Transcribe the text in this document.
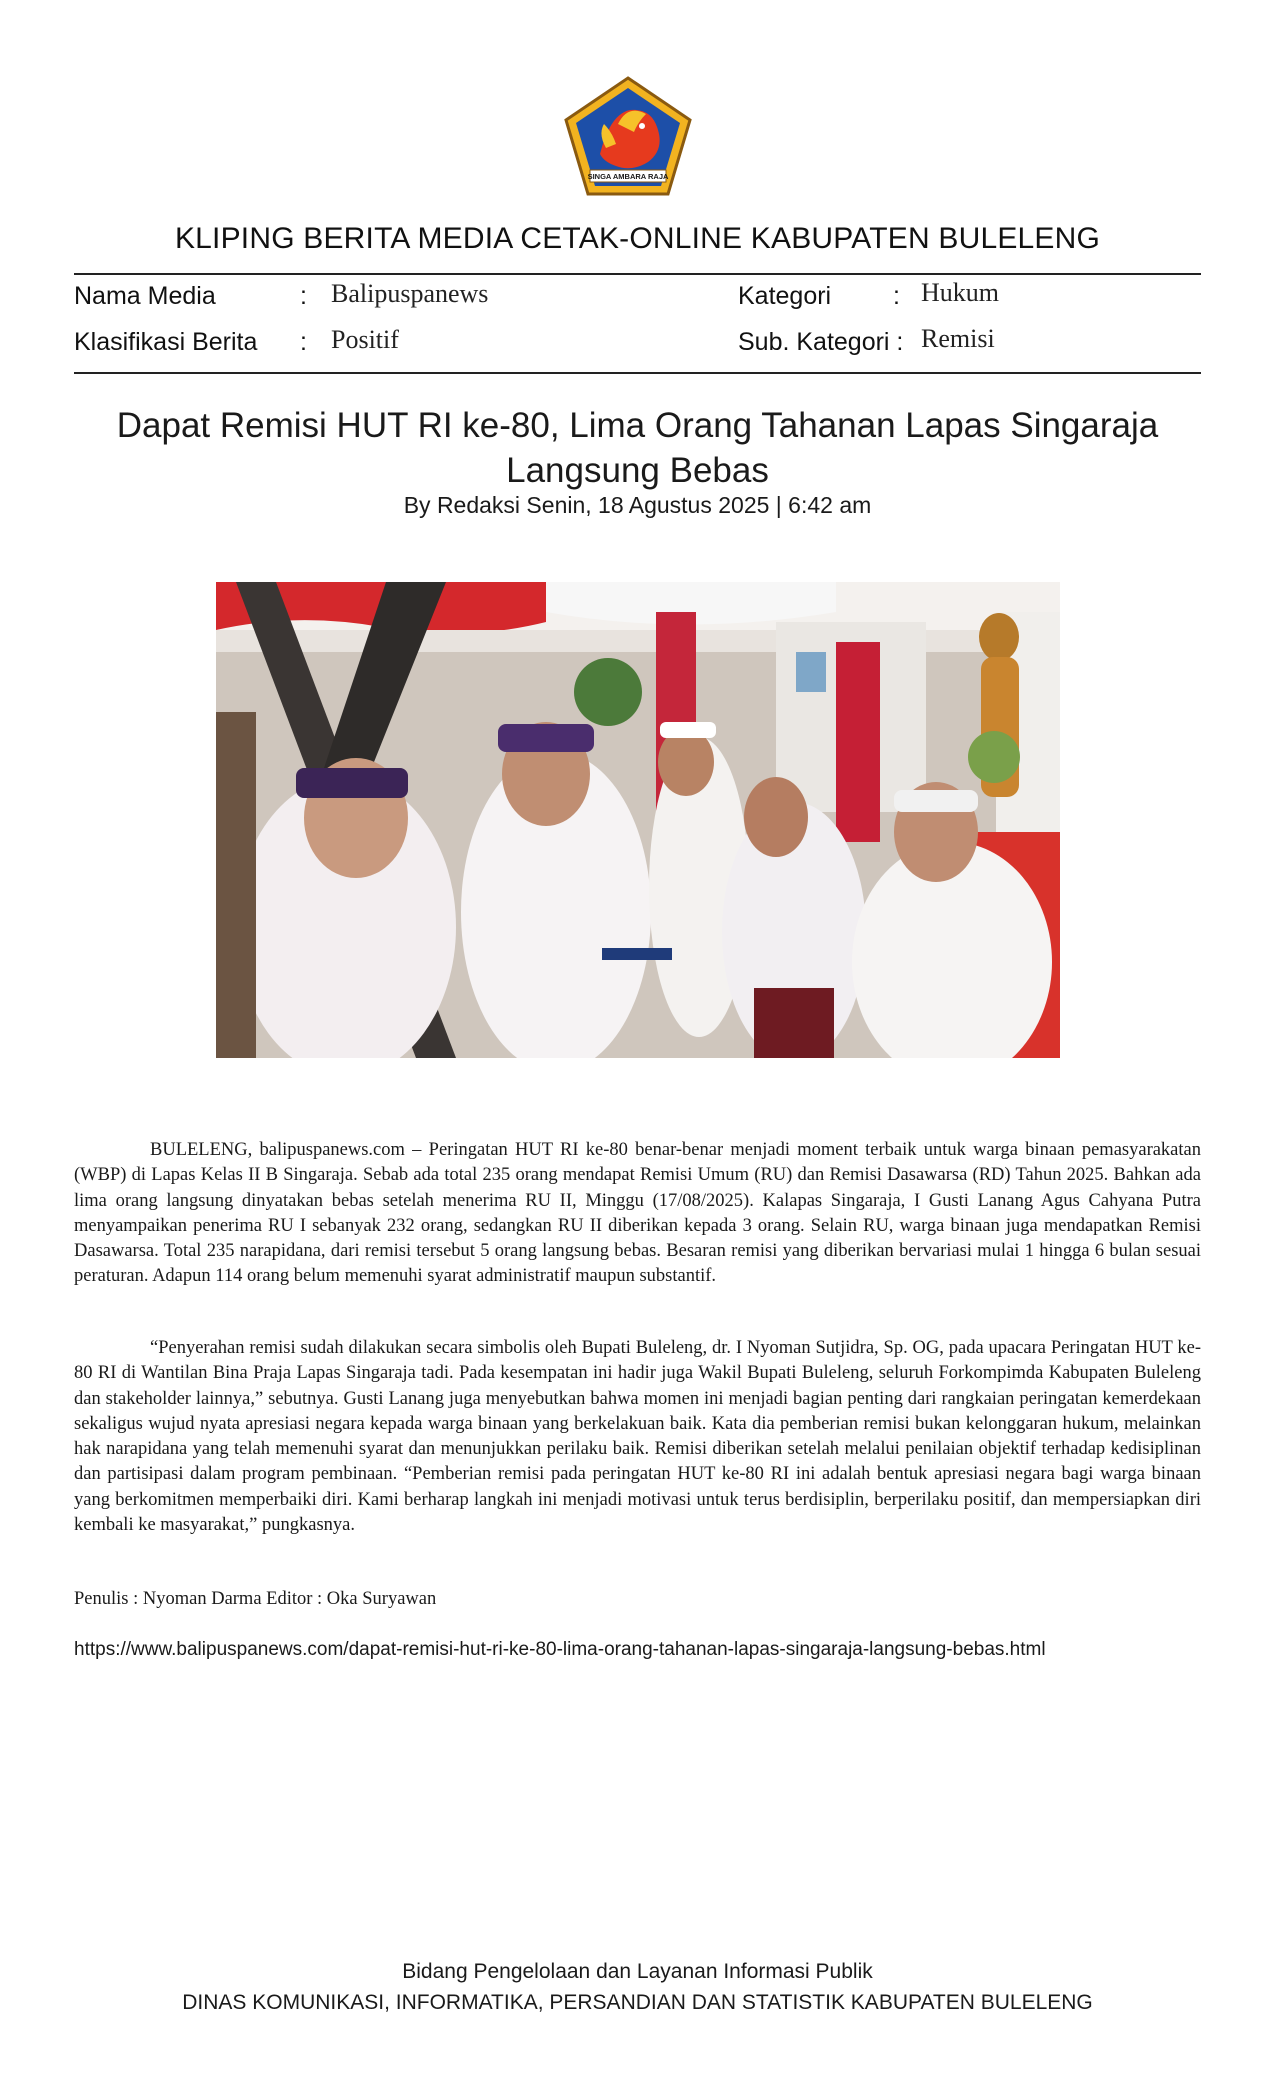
SINGA AMBARA RAJA
KLIPING BERITA MEDIA CETAK-ONLINE KABUPATEN BULELENG
Nama Media	: Balipuspanews	Kategori : Hukum
Klasifikasi Berita : Positif	Sub. Kategori : Remisi
Dapat Remisi HUT RI ke-80, Lima Orang Tahanan Lapas Singaraja
Langsung Bebas
By Redaksi Senin, 18 Agustus 2025 | 6:42 am

BULELENG, balipuspanews.com – Peringatan HUT RI ke-80 benar-benar menjadi moment terbaik untuk warga binaan pemasyarakatan (WBP) di Lapas Kelas II B Singaraja. Sebab ada total 235 orang mendapat Remisi Umum (RU) dan Remisi Dasawarsa (RD) Tahun 2025. Bahkan ada lima orang langsung dinyatakan bebas setelah menerima RU II, Minggu (17/08/2025). Kalapas Singaraja, I Gusti Lanang Agus Cahyana Putra menyampaikan penerima RU I sebanyak 232 orang, sedangkan RU II diberikan kepada 3 orang. Selain RU, warga binaan juga mendapatkan Remisi Dasawarsa. Total 235 narapidana, dari remisi tersebut 5 orang langsung bebas. Besaran remisi yang diberikan bervariasi mulai 1 hingga 6 bulan sesuai peraturan. Adapun 114 orang belum memenuhi syarat administratif maupun substantif.

“Penyerahan remisi sudah dilakukan secara simbolis oleh Bupati Buleleng, dr. I Nyoman Sutjidra, Sp. OG, pada upacara Peringatan HUT ke-80 RI di Wantilan Bina Praja Lapas Singaraja tadi. Pada kesempatan ini hadir juga Wakil Bupati Buleleng, seluruh Forkompimda Kabupaten Buleleng dan stakeholder lainnya,” sebutnya. Gusti Lanang juga menyebutkan bahwa momen ini menjadi bagian penting dari rangkaian peringatan kemerdekaan sekaligus wujud nyata apresiasi negara kepada warga binaan yang berkelakuan baik. Kata dia pemberian remisi bukan kelonggaran hukum, melainkan hak narapidana yang telah memenuhi syarat dan menunjukkan perilaku baik. Remisi diberikan setelah melalui penilaian objektif terhadap kedisiplinan dan partisipasi dalam program pembinaan. “Pemberian remisi pada peringatan HUT ke-80 RI ini adalah bentuk apresiasi negara bagi warga binaan yang berkomitmen memperbaiki diri. Kami berharap langkah ini menjadi motivasi untuk terus berdisiplin, berperilaku positif, dan mempersiapkan diri kembali ke masyarakat,” pungkasnya.

Penulis : Nyoman Darma Editor : Oka Suryawan
https://www.balipuspanews.com/dapat-remisi-hut-ri-ke-80-lima-orang-tahanan-lapas-singaraja-langsung-bebas.html
Bidang Pengelolaan dan Layanan Informasi Publik
DINAS KOMUNIKASI, INFORMATIKA, PERSANDIAN DAN STATISTIK KABUPATEN BULELENG
